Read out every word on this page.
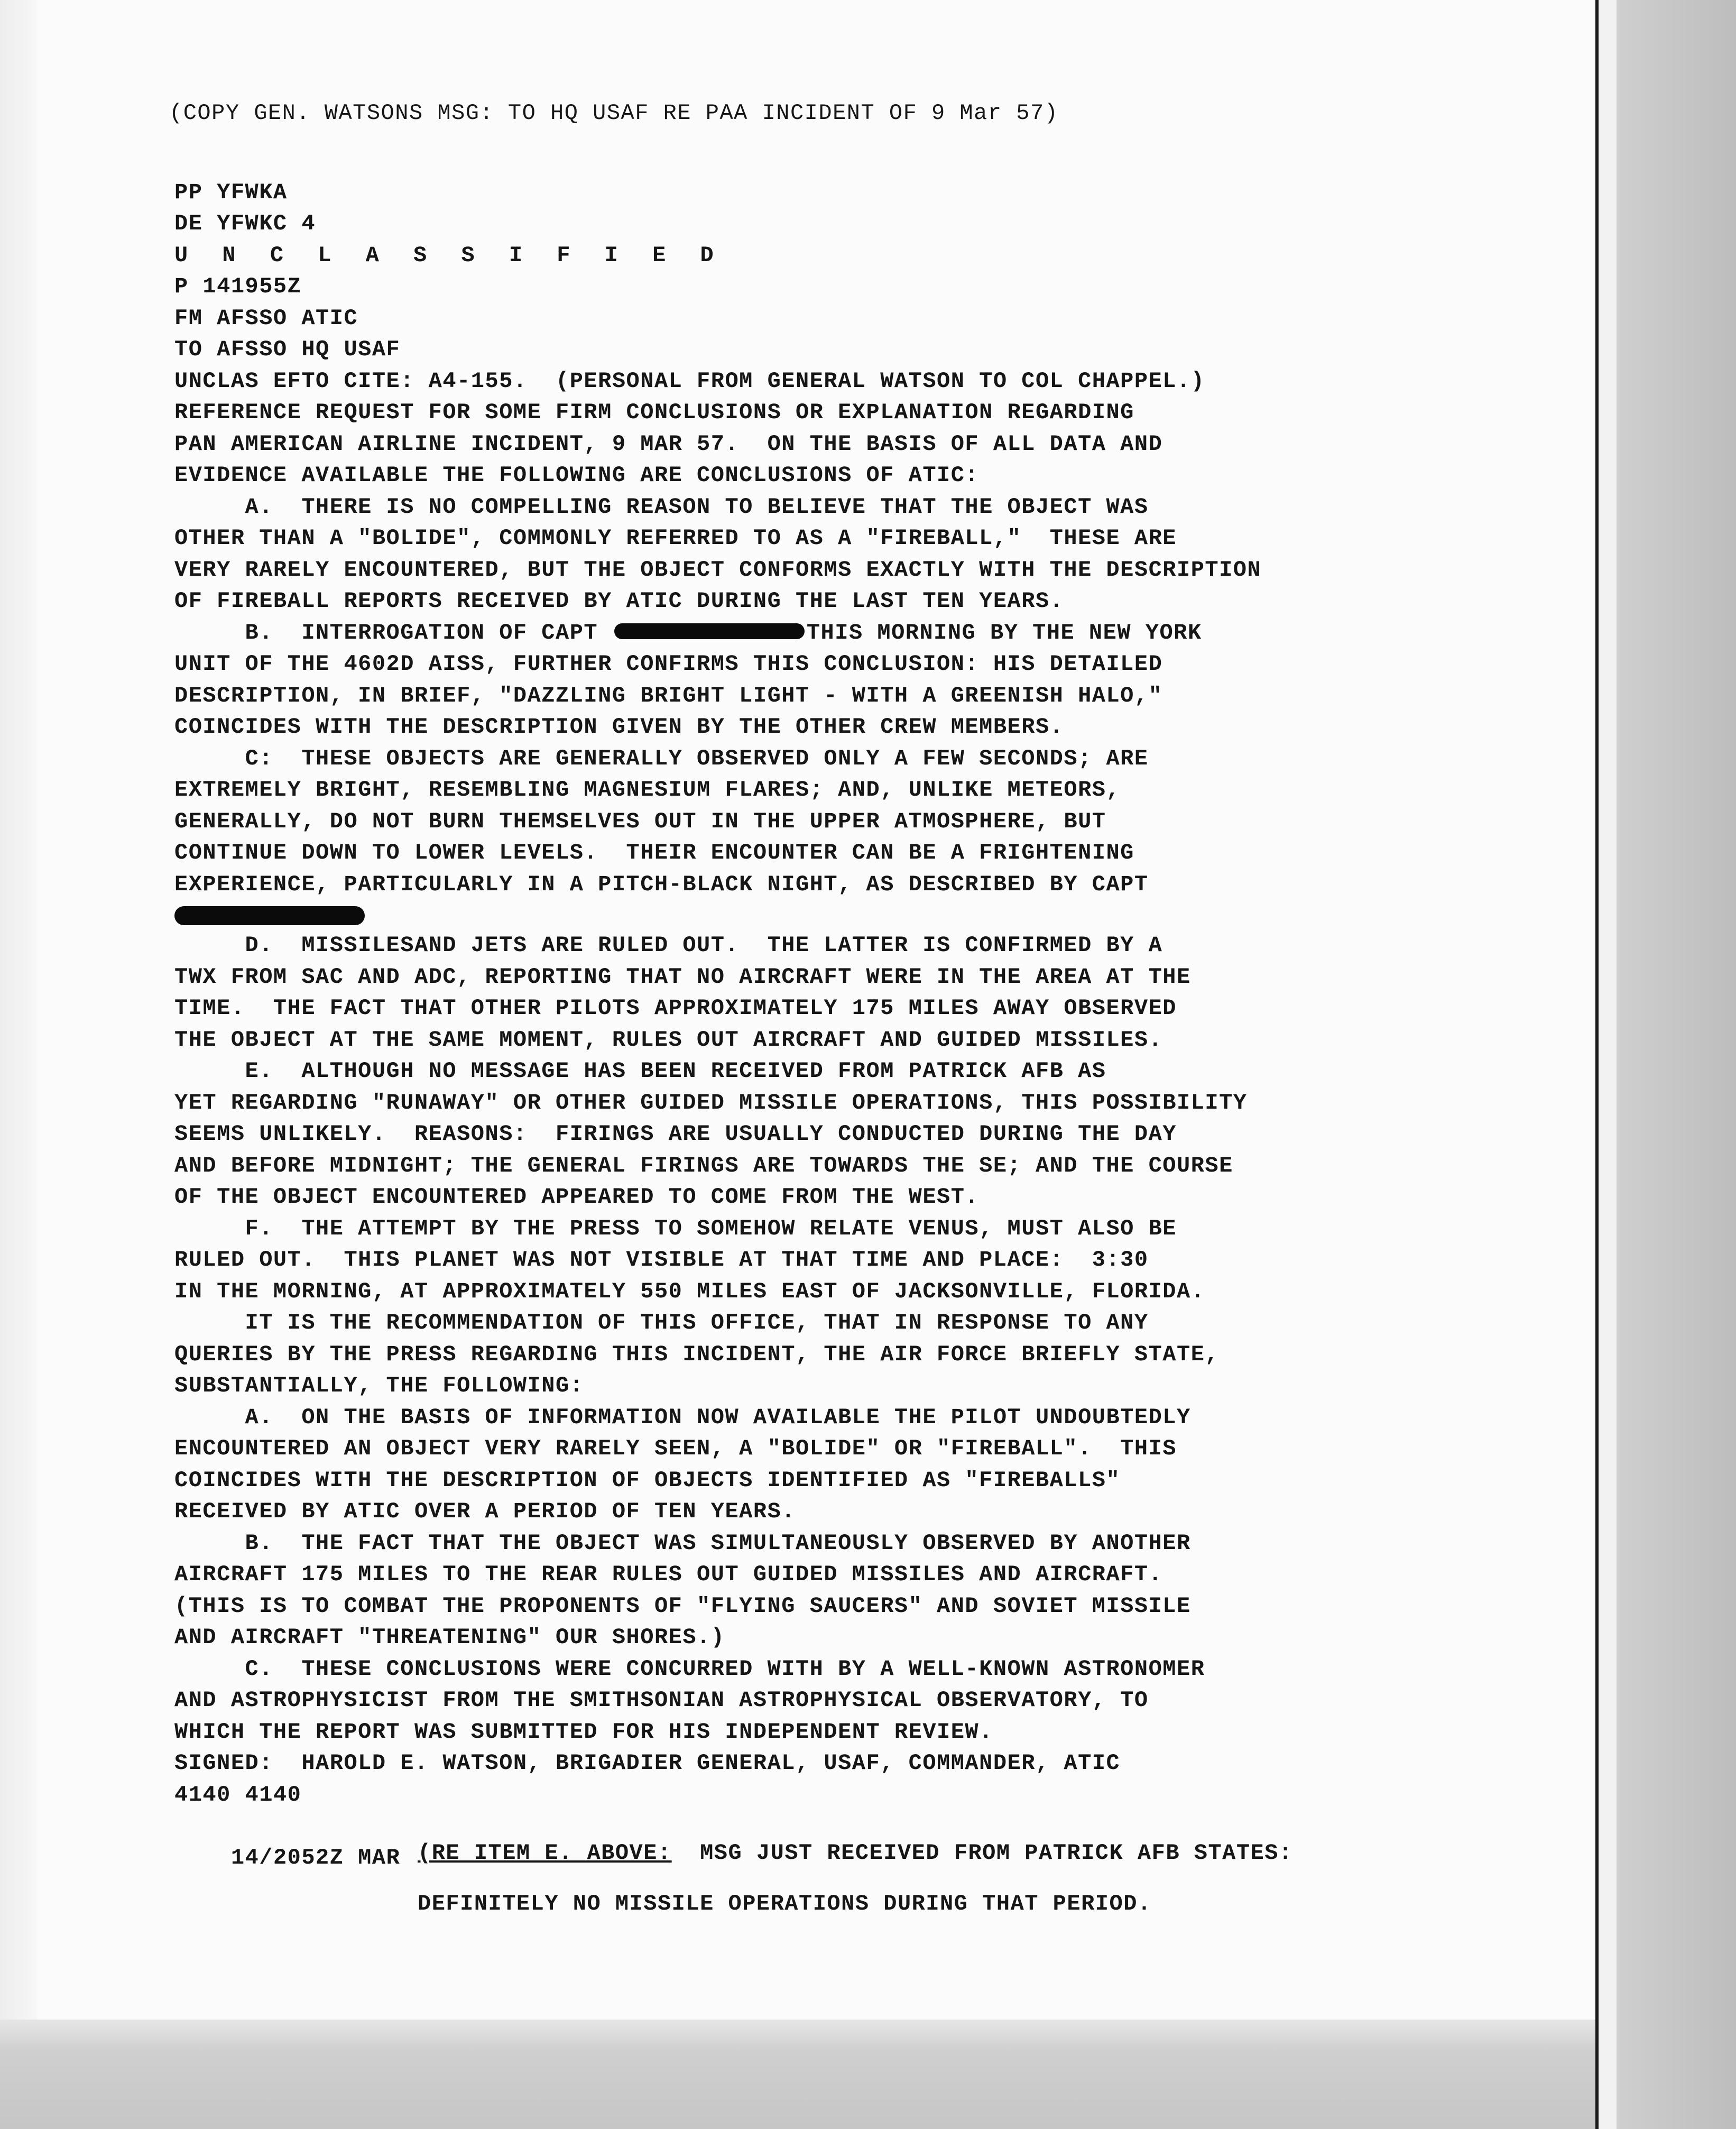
(COPY GEN. WATSONS MSG: TO HQ USAF RE PAA INCIDENT OF 9 Mar 57)
PP YFWKA
DE YFWKC 4
U N C L A S S I F I E D
P 141955Z
FM AFSSO ATIC
TO AFSSO HQ USAF
UNCLAS EFTO CITE: A4-155.  (PERSONAL FROM GENERAL WATSON TO COL CHAPPEL.)
REFERENCE REQUEST FOR SOME FIRM CONCLUSIONS OR EXPLANATION REGARDING
PAN AMERICAN AIRLINE INCIDENT, 9 MAR 57.  ON THE BASIS OF ALL DATA AND
EVIDENCE AVAILABLE THE FOLLOWING ARE CONCLUSIONS OF ATIC:
A.  THERE IS NO COMPELLING REASON TO BELIEVE THAT THE OBJECT WAS
OTHER THAN A "BOLIDE", COMMONLY REFERRED TO AS A "FIREBALL,"  THESE ARE
VERY RARELY ENCOUNTERED, BUT THE OBJECT CONFORMS EXACTLY WITH THE DESCRIPTION
OF FIREBALL REPORTS RECEIVED BY ATIC DURING THE LAST TEN YEARS.
B.  INTERROGATION OF CAPT	THIS MORNING BY THE NEW YORK
UNIT OF THE 4602D AISS, FURTHER CONFIRMS THIS CONCLUSION: HIS DETAILED
DESCRIPTION, IN BRIEF, "DAZZLING BRIGHT LIGHT - WITH A GREENISH HALO,"
COINCIDES WITH THE DESCRIPTION GIVEN BY THE OTHER CREW MEMBERS.
C:  THESE OBJECTS ARE GENERALLY OBSERVED ONLY A FEW SECONDS; ARE
EXTREMELY BRIGHT, RESEMBLING MAGNESIUM FLARES; AND, UNLIKE METEORS,
GENERALLY, DO NOT BURN THEMSELVES OUT IN THE UPPER ATMOSPHERE, BUT
CONTINUE DOWN TO LOWER LEVELS.  THEIR ENCOUNTER CAN BE A FRIGHTENING
EXPERIENCE, PARTICULARLY IN A PITCH-BLACK NIGHT, AS DESCRIBED BY CAPT
D.  MISSILESAND JETS ARE RULED OUT.  THE LATTER IS CONFIRMED BY A
TWX FROM SAC AND ADC, REPORTING THAT NO AIRCRAFT WERE IN THE AREA AT THE
TIME.  THE FACT THAT OTHER PILOTS APPROXIMATELY 175 MILES AWAY OBSERVED
THE OBJECT AT THE SAME MOMENT, RULES OUT AIRCRAFT AND GUIDED MISSILES.
E.  ALTHOUGH NO MESSAGE HAS BEEN RECEIVED FROM PATRICK AFB AS
YET REGARDING "RUNAWAY" OR OTHER GUIDED MISSILE OPERATIONS, THIS POSSIBILITY
SEEMS UNLIKELY.  REASONS:  FIRINGS ARE USUALLY CONDUCTED DURING THE DAY
AND BEFORE MIDNIGHT; THE GENERAL FIRINGS ARE TOWARDS THE SE; AND THE COURSE
OF THE OBJECT ENCOUNTERED APPEARED TO COME FROM THE WEST.
F.  THE ATTEMPT BY THE PRESS TO SOMEHOW RELATE VENUS, MUST ALSO BE
RULED OUT.  THIS PLANET WAS NOT VISIBLE AT THAT TIME AND PLACE:  3:30
IN THE MORNING, AT APPROXIMATELY 550 MILES EAST OF JACKSONVILLE, FLORIDA.
IT IS THE RECOMMENDATION OF THIS OFFICE, THAT IN RESPONSE TO ANY
QUERIES BY THE PRESS REGARDING THIS INCIDENT, THE AIR FORCE BRIEFLY STATE,
SUBSTANTIALLY, THE FOLLOWING:
A.  ON THE BASIS OF INFORMATION NOW AVAILABLE THE PILOT UNDOUBTEDLY
ENCOUNTERED AN OBJECT VERY RARELY SEEN, A "BOLIDE" OR "FIREBALL".  THIS
COINCIDES WITH THE DESCRIPTION OF OBJECTS IDENTIFIED AS "FIREBALLS"
RECEIVED BY ATIC OVER A PERIOD OF TEN YEARS.
B.  THE FACT THAT THE OBJECT WAS SIMULTANEOUSLY OBSERVED BY ANOTHER
AIRCRAFT 175 MILES TO THE REAR RULES OUT GUIDED MISSILES AND AIRCRAFT.
(THIS IS TO COMBAT THE PROPONENTS OF "FLYING SAUCERS" AND SOVIET MISSILE
AND AIRCRAFT "THREATENING" OUR SHORES.)
C.  THESE CONCLUSIONS WERE CONCURRED WITH BY A WELL-KNOWN ASTRONOMER
AND ASTROPHYSICIST FROM THE SMITHSONIAN ASTROPHYSICAL OBSERVATORY, TO
WHICH THE REPORT WAS SUBMITTED FOR HIS INDEPENDENT REVIEW.
SIGNED:  HAROLD E. WATSON, BRIGADIER GENERAL, USAF, COMMANDER, ATIC
4140 4140

14/2052Z MAR

(RE ITEM E. ABOVE:  MSG JUST RECEIVED FROM PATRICK AFB STATES:

DEFINITELY NO MISSILE OPERATIONS DURING THAT PERIOD.
